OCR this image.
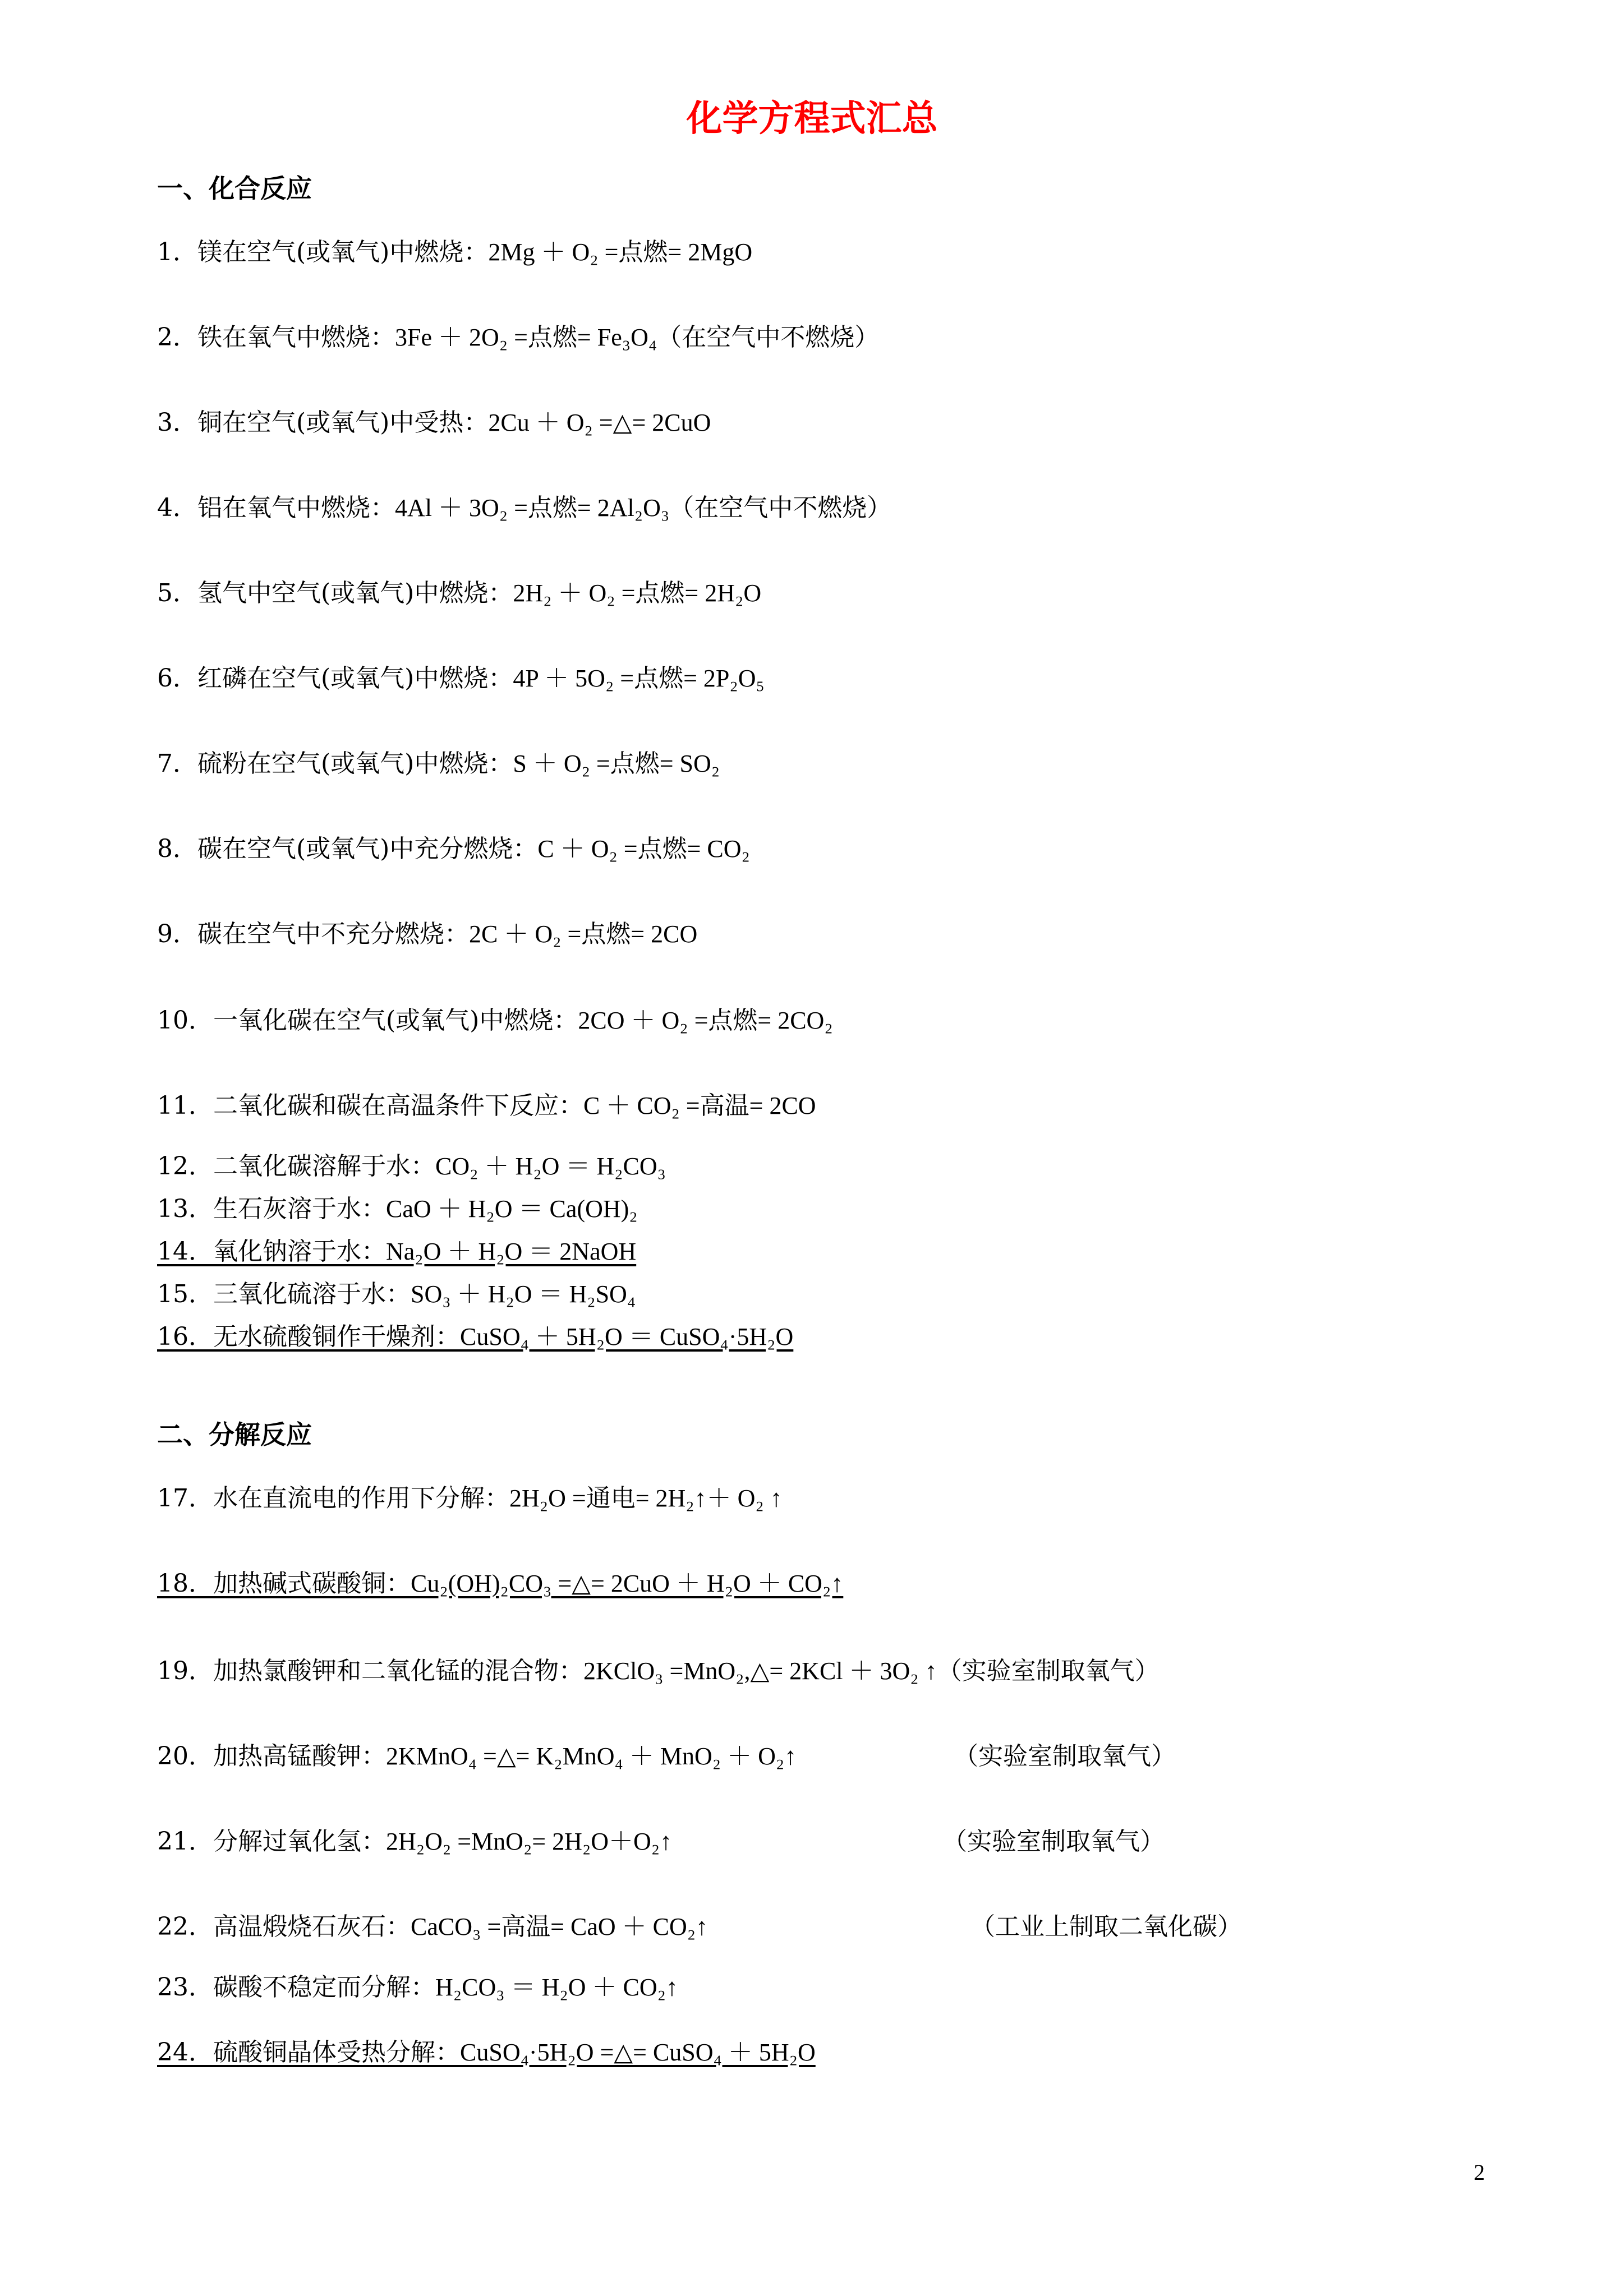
化学方程式汇总
一、化合反应
1．镁在空气(或氧气)中燃烧：2Mg ＋ O₂ =点燃= 2MgO
2．铁在氧气中燃烧：3Fe ＋ 2O₂ =点燃= Fe₃O₄（在空气中不燃烧）
3．铜在空气(或氧气)中受热：2Cu ＋ O₂ =△= 2CuO
4．铝在氧气中燃烧：4Al ＋ 3O₂ =点燃= 2Al₂O₃（在空气中不燃烧）
5．氢气中空气(或氧气)中燃烧：2H₂ ＋ O₂ =点燃= 2H₂O
6．红磷在空气(或氧气)中燃烧：4P ＋ 5O₂ =点燃= 2P₂O₅
7．硫粉在空气(或氧气)中燃烧：S ＋ O₂ =点燃= SO₂
8．碳在空气(或氧气)中充分燃烧：C ＋ O₂ =点燃= CO₂
9．碳在空气中不充分燃烧：2C ＋ O₂ =点燃= 2CO
10．一氧化碳在空气(或氧气)中燃烧：2CO ＋ O₂ =点燃= 2CO₂
11．二氧化碳和碳在高温条件下反应：C ＋ CO₂ =高温= 2CO
12．二氧化碳溶解于水：CO₂ ＋ H₂O ＝ H₂CO₃
13．生石灰溶于水：CaO ＋ H₂O ＝ Ca(OH)₂
14．氧化钠溶于水：Na₂O ＋ H₂O ＝ 2NaOH
15．三氧化硫溶于水：SO₃ ＋ H₂O ＝ H₂SO₄
16．无水硫酸铜作干燥剂：CuSO₄ ＋ 5H₂O ＝ CuSO₄·5H₂O
二、分解反应
17．水在直流电的作用下分解：2H₂O =通电= 2H₂↑＋ O₂ ↑
18．加热碱式碳酸铜：Cu₂(OH)₂CO₃ =△= 2CuO ＋ H₂O ＋ CO₂↑
19．加热氯酸钾和二氧化锰的混合物：2KClO₃ =MnO₂,△= 2KCl ＋ 3O₂ ↑（实验室制取氧气）
20．加热高锰酸钾：2KMnO₄ =△= K₂MnO₄ ＋ MnO₂ ＋ O₂↑	（实验室制取氧气）
21．分解过氧化氢：2H₂O₂ =MnO₂= 2H₂O＋O₂↑	（实验室制取氧气）
22．高温煅烧石灰石：CaCO₃ =高温= CaO ＋ CO₂↑	（工业上制取二氧化碳）
23．碳酸不稳定而分解：H₂CO₃ ＝ H₂O ＋ CO₂↑
24．硫酸铜晶体受热分解：CuSO₄·5H₂O =△= CuSO₄ ＋ 5H₂O
2
